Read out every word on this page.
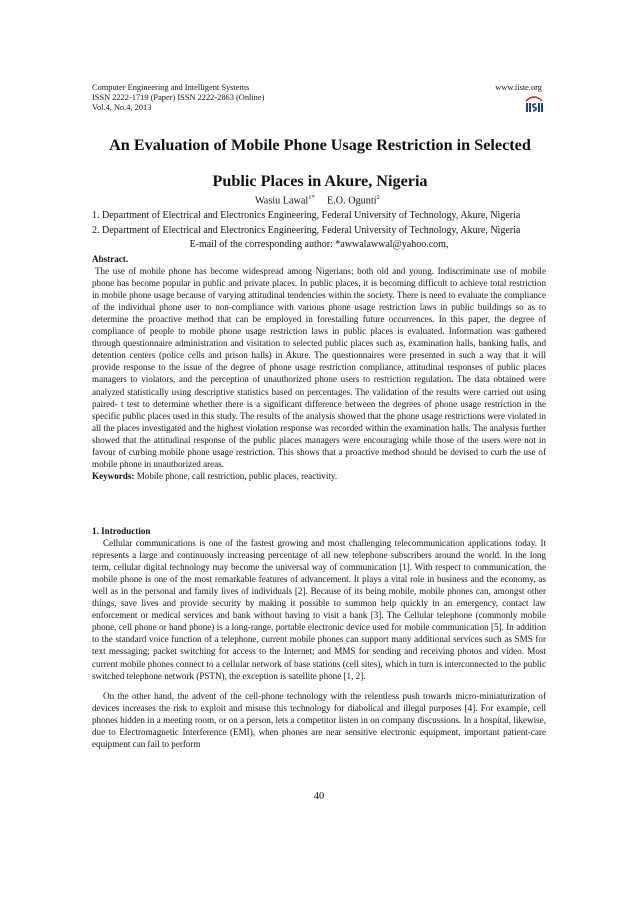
Computer Engineering and Intelligent Systems	www.iiste.org
ISSN 2222-1719 (Paper) ISSN 2222-2863 (Online)
Vol.4, No.4, 2013
An Evaluation of Mobile Phone Usage Restriction in Selected Public Places in Akure, Nigeria
Wasiu Lawal$^{1*}$ E.O. Oguntí$^2$

1. Department of Electrical and Electronics Engineering, Federal University of Technology, Akure, Nigeria

2. Department of Electrical and Electronics Engineering, Federal University of Technology, Akure, Nigeria

E-mail of the corresponding author: *awwalawwal@yahoo.com,

Abstract.

The use of mobile phone has become widespread among Nigerians; both old and young. Indiscriminate use of mobile phone has become popular in public and private places. In public places, it is becoming difficult to achieve total restriction in mobile phone usage because of varying attitudinal tendencies within the society. There is need to evaluate the compliance of the individual phone user to non-compliance with various phone usage restriction laws in public buildings so as to determine the proactive method that can be employed in forestalling future occurrences. In this paper, the degree of compliance of people to mobile phone usage restriction laws in public places is evaluated. Information was gathered through questionnaire administration and visitation to selected public places such as, examination halls, banking halls, and detention centers (police cells and prison halls) in Akure. The questionnaires were presented in such a way that it will provide response to the issue of the degree of phone usage restriction compliance, attitudinal responses of public places managers to violators, and the perception of unauthorized phone users to restriction regulation. The data obtained were analyzed statistically using descriptive statistics based on percentages. The validation of the results were carried out using paired- t test to determine whether there is a significant difference between the degrees of phone usage restriction in the specific public places used in this study. The results of the analysis showed that the phone usage restrictions were violated in all the places investigated and the highest violation response was recorded within the examination halls. The analysis further showed that the attitudinal response of the public places managers were encouraging while those of the users were not in favour of curbing mobile phone usage restriction. This shows that a proactive method should be devised to curb the use of mobile phone in unauthorized areas.

Keywords: Mobile phone, call restriction, public places, reactivity.

1. Introduction

Cellular communications is one of the fastest growing and most challenging telecommunication applications today. It represents a large and continuously increasing percentage of all new telephone subscribers around the world. In the long term, cellular digital technology may become the universal way of communication [1]. With respect to communication, the mobile phone is one of the most remarkable features of advancement. It plays a vital role in business and the economy, as well as in the personal and family lives of individuals [2]. Because of its being mobile, mobile phones can, amongst other things, save lives and provide security by making it possible to summon help quickly in an emergency, contact law enforcement or medical services and bank without having to visit a bank [3]. The Cellular telephone (commonly mobile phone, cell phone or hand phone) is a long-range, portable electronic device used for mobile communication [5]. In addition to the standard voice function of a telephone, current mobile phones can support many additional services such as SMS for text messaging; packet switching for access to the Internet; and MMS for sending and receiving photos and video. Most current mobile phones connect to a cellular network of base stations (cell sites), which in turn is interconnected to the public switched telephone network (PSTN), the exception is satellite phone [1, 2].

On the other hand, the advent of the cell-phone technology with the relentless push towards micro-miniaturization of devices increases the risk to exploit and misuse this technology for diabolical and illegal purposes [4]. For example, cell phones hidden in a meeting room, or on a person, lets a competitor listen in on company discussions. In a hospital, likewise, due to Electromagnetic Interference (EMI), when phones are near sensitive electronic equipment, important patient-care equipment can fail to perform

40
